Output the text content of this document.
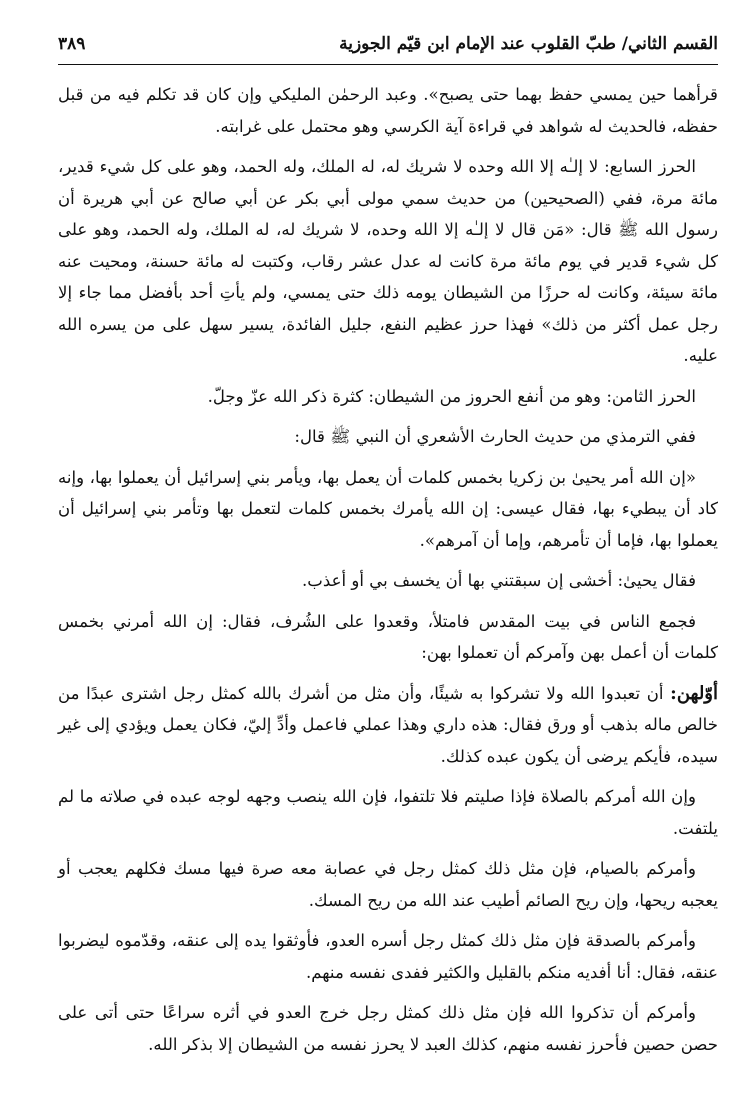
القسم الثاني/ طبّ القلوب عند الإمام ابن قيّم الجوزية
٣٨٩

قرأهما حين يمسي حفظ بهما حتى يصبح». وعبد الرحمٰن المليكي وإن كان قد تكلم فيه من قبل حفظه، فالحديث له شواهد في قراءة آية الكرسي وهو محتمل على غرابته.

الحرز السابع: لا إلـٰه إلا الله وحده لا شريك له، له الملك، وله الحمد، وهو على كل شيء قدير، مائة مرة، ففي (الصحيحين) من حديث سمي مولى أبي بكر عن أبي صالح عن أبي هريرة أن رسول الله ﷺ قال: «مَن قال لا إلـٰه إلا الله وحده، لا شريك له، له الملك، وله الحمد، وهو على كل شيء قدير في يوم مائة مرة كانت له عدل عشر رقاب، وكتبت له مائة حسنة، ومحيت عنه مائة سيئة، وكانت له حرزًا من الشيطان يومه ذلك حتى يمسي، ولم يأتِ أحد بأفضل مما جاء إلا رجل عمل أكثر من ذلك» فهذا حرز عظيم النفع، جليل الفائدة، يسير سهل على من يسره الله عليه.

الحرز الثامن: وهو من أنفع الحروز من الشيطان: كثرة ذكر الله عزّ وجلّ.

ففي الترمذي من حديث الحارث الأشعري أن النبي ﷺ قال:

«إن الله أمر يحيىٰ بن زكريا بخمس كلمات أن يعمل بها، ويأمر بني إسرائيل أن يعملوا بها، وإنه كاد أن يبطيء بها، فقال عيسى: إن الله يأمرك بخمس كلمات لتعمل بها وتأمر بني إسرائيل أن يعملوا بها، فإما أن تأمرهم، وإما أن آمرهم».

فقال يحيىٰ: أخشى إن سبقتني بها أن يخسف بي أو أعذب.

فجمع الناس في بيت المقدس فامتلأ، وقعدوا على الشُرف، فقال: إن الله أمرني بخمس كلمات أن أعمل بهن وآمركم أن تعملوا بهن:

أوّلهن: أن تعبدوا الله ولا تشركوا به شيئًا، وأن مثل من أشرك بالله كمثل رجل اشترى عبدًا من خالص ماله بذهب أو ورق فقال: هذه داري وهذا عملي فاعمل وأدِّ إليّ، فكان يعمل ويؤدي إلى غير سيده، فأيكم يرضى أن يكون عبده كذلك.

وإن الله أمركم بالصلاة فإذا صليتم فلا تلتفوا، فإن الله ينصب وجهه لوجه عبده في صلاته ما لم يلتفت.

وأمركم بالصيام، فإن مثل ذلك كمثل رجل في عصابة معه صرة فيها مسك فكلهم يعجب أو يعجبه ريحها، وإن ريح الصائم أطيب عند الله من ريح المسك.

وأمركم بالصدقة فإن مثل ذلك كمثل رجل أسره العدو، فأوثقوا يده إلى عنقه، وقدّموه ليضربوا عنقه، فقال: أنا أفديه منكم بالقليل والكثير ففدى نفسه منهم.

وأمركم أن تذكروا الله فإن مثل ذلك كمثل رجل خرج العدو في أثره سراعًا حتى أتى على حصن حصين فأحرز نفسه منهم، كذلك العبد لا يحرز نفسه من الشيطان إلا بذكر الله.
